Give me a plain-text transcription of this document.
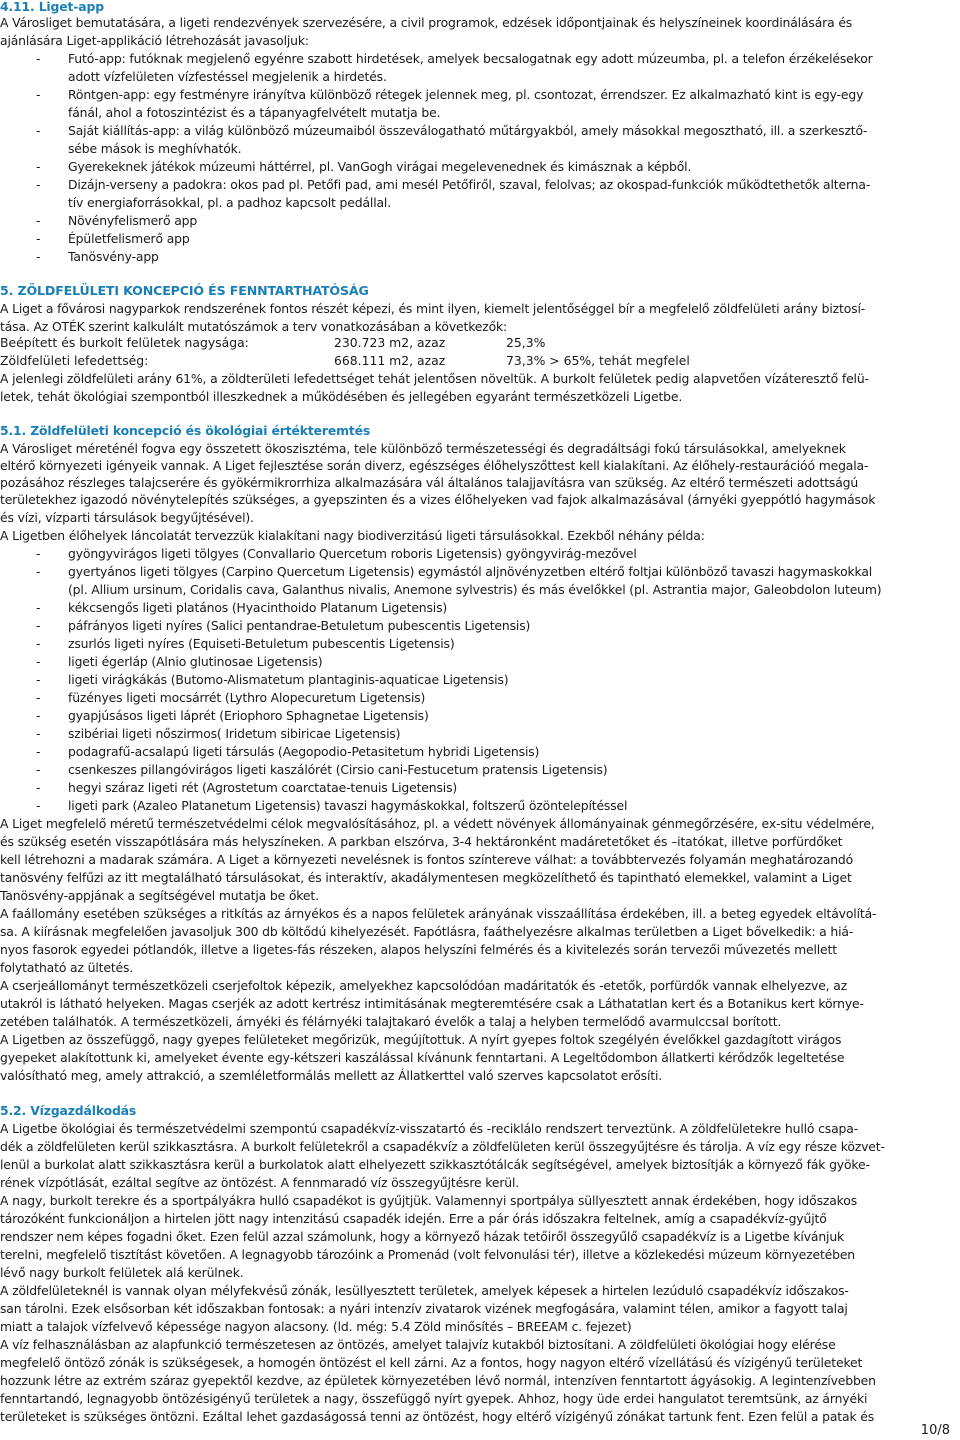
4.11. Liget-app
A Városliget bemutatására, a ligeti rendezvények szervezésére, a civil programok, edzések időpontjainak és helyszíneinek koordinálására és
ajánlására Liget-applikáció létrehozását javasoljuk:
- Futó-app: futóknak megjelenő egyénre szabott hirdetések, amelyek becsalogatnak egy adott múzeumba, pl. a telefon érzékelésekor
adott vízfelületen vízfestéssel megjelenik a hirdetés.
- Röntgen-app: egy festményre irányítva különböző rétegek jelennek meg, pl. csontozat, érrendszer. Ez alkalmazható kint is egy-egy
fánál, ahol a fotoszintézist és a tápanyagfelvételt mutatja be.
- Saját kiállítás-app: a világ különböző múzeumaiból összeválogatható műtárgyakból, amely másokkal megosztható, ill. a szerkesztő-
sébe mások is meghívhatók.
- Gyerekeknek játékok múzeumi háttérrel, pl. VanGogh virágai megelevenednek és kimásznak a képből.
- Dizájn-verseny a padokra: okos pad pl. Petőfi pad, ami mesél Petőfiről, szaval, felolvas; az okospad-funkciók működtethetők alterna-
tív energiaforrásokkal, pl. a padhoz kapcsolt pedállal.
- Növényfelismerő app
- Épületfelismerő app
- Tanösvény-app
5. ZÖLDFELÜLETI KONCEPCIÓ ÉS FENNTARTHATÓSÁG
A Liget a fővárosi nagyparkok rendszerének fontos részét képezi, és mint ilyen, kiemelt jelentőséggel bír a megfelelő zöldfelületi arány biztosí-
tása. Az OTÉK szerint kalkulált mutatószámok a terv vonatkozásában a következők:
Beépített és burkolt felületek nagysága:	230.723 m2, azaz	25,3%
Zöldfelületi lefedettség:	668.111 m2, azaz	73,3% > 65%, tehát megfelel
A jelenlegi zöldfelületi arány 61%, a zöldterületi lefedettséget tehát jelentősen növeltük. A burkolt felületek pedig alapvetően vízáteresztő felü-
letek, tehát ökológiai szempontból illeszkednek a működésében és jellegében egyaránt természetközeli Ligetbe.
5.1. Zöldfelületi koncepció és ökológiai értékteremtés
A Városliget méreténél fogva egy összetett ökoszisztéma, tele különböző természetességi és degradáltsági fokú társulásokkal, amelyeknek
eltérő környezeti igényeik vannak. A Liget fejlesztése során diverz, egészséges élőhelyszőttest kell kialakítani. Az élőhely-restaurációó megala-
pozásához részleges talajcserére és gyökérmikrorrhiza alkalmazására vál általános talajjavításra van szükség. Az eltérő természeti adottságú
területekhez igazodó növénytelepítés szükséges, a gyepszinten és a vizes élőhelyeken vad fajok alkalmazásával (árnyéki gyeppótló hagymások
és vízi, vízparti társulások begyűjtésével).
A Ligetben élőhelyek láncolatát tervezzük kialakítani nagy biodiverzitású ligeti társulásokkal. Ezekből néhány példa:
- gyöngyvirágos ligeti tölgyes (Convallario Quercetum roboris Ligetensis) gyöngyvirág-mezővel
- gyertyános ligeti tölgyes (Carpino Quercetum Ligetensis) egymástól aljnövényzetben eltérő foltjai különböző tavaszi hagymaskokkal
(pl. Allium ursinum, Coridalis cava, Galanthus nivalis, Anemone sylvestris) és más évelőkkel (pl. Astrantia major, Galeobdolon luteum)
- kékcsengős ligeti platános (Hyacinthoido Platanum Ligetensis)
- páfrányos ligeti nyíres (Salici pentandrae-Betuletum pubescentis Ligetensis)
- zsurlós ligeti nyíres (Equiseti-Betuletum pubescentis Ligetensis)
- ligeti égerláp (Alnio glutinosae Ligetensis)
- ligeti virágkákás (Butomo-Alismatetum plantaginis-aquaticae Ligetensis)
- füzényes ligeti mocsárrét (Lythro Alopecuretum Ligetensis)
- gyapjúsásos ligeti láprét (Eriophoro Sphagnetae Ligetensis)
- szibériai ligeti nőszirmos( Iridetum sibiricae Ligetensis)
- podagrafű-acsalapú ligeti társulás (Aegopodio-Petasitetum hybridi Ligetensis)
- csenkeszes pillangóvirágos ligeti kaszálórét (Cirsio cani-Festucetum pratensis Ligetensis)
- hegyi száraz ligeti rét (Agrostetum coarctatae-tenuis Ligetensis)
- ligeti park (Azaleo Platanetum Ligetensis) tavaszi hagymáskokkal, foltszerű özöntelepítéssel
A Liget megfelelő méretű természetvédelmi célok megvalósításához, pl. a védett növények állományainak génmegőrzésére, ex-situ védelmére,
és szükség esetén visszapótlására más helyszíneken. A parkban elszórva, 3-4 hektáronként madáretetőket és –itatókat, illetve porfürdőket
kell létrehozni a madarak számára. A Liget a környezeti nevelésnek is fontos színtereve válhat: a továbbtervezés folyamán meghatározandó
tanösvény felfűzi az itt megtalálható társulásokat, és interaktív, akadálymentesen megközelíthető és tapintható elemekkel, valamint a Liget
Tanösvény-appjának a segítségével mutatja be őket.
A faállomány esetében szükséges a ritkítás az árnyékos és a napos felületek arányának visszaállítása érdekében, ill. a beteg egyedek eltávolítá-
sa. A kiírásnak megfelelően javasoljuk 300 db költődú kihelyezését. Fapótlásra, faáthelyezésre alkalmas területben a Liget bővelkedik: a hiá-
nyos fasorok egyedei pótlandók, illetve a ligetes-fás részeken, alapos helyszíni felmérés és a kivitelezés során tervezői művezetés mellett
folytatható az ültetés.
A cserjeállományt természetközeli cserjefoltok képezik, amelyekhez kapcsolódóan madáritatók és -etetők, porfürdők vannak elhelyezve, az
utakról is látható helyeken. Magas cserjék az adott kertrész intimitásának megteremtésére csak a Láthatatlan kert és a Botanikus kert környe-
zetében találhatók. A természetközeli, árnyéki és félárnyéki talajtakaró évelők a talaj a helyben termelődő avarmulccsal borított.
A Ligetben az összefüggő, nagy gyepes felületeket megőrizük, megújítottuk. A nyírt gyepes foltok szegélyén évelőkkel gazdagított virágos
gyepeket alakítottunk ki, amelyeket évente egy-kétszeri kaszálással kívánunk fenntartani. A Legeltődombon állatkerti kérődzők legeltetése
valósítható meg, amely attrakció, a szemléletformálás mellett az Állatkerttel való szerves kapcsolatot erősíti.
5.2. Vízgazdálkodás
A Ligetbe ökológiai és természetvédelmi szempontú csapadékvíz-visszatartó és -reciklálo rendszert terveztünk. A zöldfelületekre hulló csapa-
dék a zöldfelületen kerül szikkasztásra. A burkolt felületekről a csapadékvíz a zöldfelületen kerül összegyűjtésre és tárolja. A víz egy része közvet-
lenül a burkolat alatt szikkasztásra kerül a burkolatok alatt elhelyezett szikkasztótálcák segítségével, amelyek biztosítják a környező fák gyöke-
rének vízpótlását, ezáltal segítve az öntözést. A fennmaradó víz összegyűjtésre kerül.
A nagy, burkolt terekre és a sportpályákra hulló csapadékot is gyűjtjük. Valamennyi sportpálya süllyesztett annak érdekében, hogy időszakos
tározóként funkcionáljon a hirtelen jött nagy intenzitású csapadék idején. Erre a pár órás időszakra feltelnek, amíg a csapadékvíz-gyűjtő
rendszer nem képes fogadni őket. Ezen felül azzal számolunk, hogy a környező házak tetőiről összegyűlő csapadékvíz is a Ligetbe kívánjuk
terelni, megfelelő tisztítást követően. A legnagyobb tározóink a Promenád (volt felvonulási tér), illetve a közlekedési múzeum környezetében
lévő nagy burkolt felületek alá kerülnek.
A zöldfelületeknél is vannak olyan mélyfekvésű zónák, lesüllyesztett területek, amelyek képesek a hirtelen lezúduló csapadékvíz időszakos-
san tárolni. Ezek elsősorban két időszakban fontosak: a nyári intenzív zivatarok vizének megfogására, valamint télen, amikor a fagyott talaj
miatt a talajok vízfelvevő képessége nagyon alacsony. (ld. még: 5.4 Zöld minősítés – BREEAM c. fejezet)
A víz felhasználásban az alapfunkció természetesen az öntözés, amelyet talajvíz kutakból biztosítani. A zöldfelületi ökológiai hogy elérése
megfelelő öntöző zónák is szükségesek, a homogén öntözést el kell zárni. Az a fontos, hogy nagyon eltérő vízellátású és vízigényű területeket
hozzunk létre az extrém száraz gyepektől kezdve, az épületek környezetében lévő normál, intenzíven fenntartott ágyásokig. A legintenzívebben
fenntartandó, legnagyobb öntözésigényű területek a nagy, összefüggő nyírt gyepek. Ahhoz, hogy üde erdei hangulatot teremtsünk, az árnyéki
területeket is szükséges öntözni. Ezáltal lehet gazdaságossá tenni az öntözést, hogy eltérő vízigényű zónákat tartunk fent. Ezen felül a patak és
10/8
